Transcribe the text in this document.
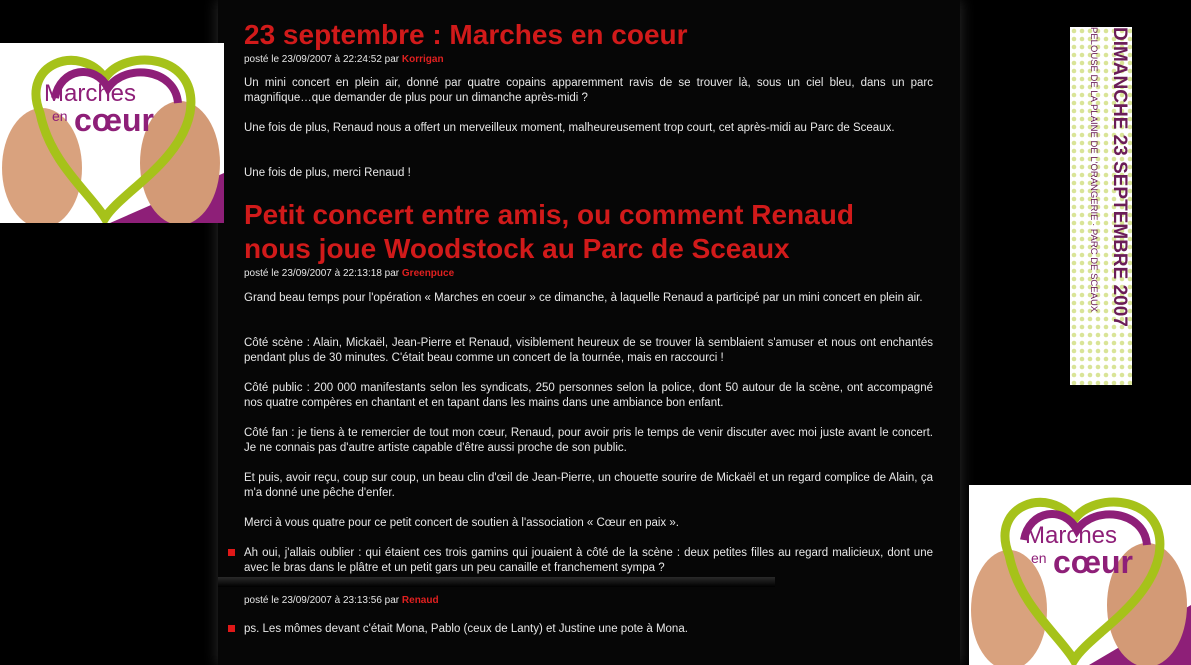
23 septembre : Marches en coeur
posté le 23/09/2007 à 22:24:52 par Korrigan

Un mini concert en plein air, donné par quatre copains apparemment ravis de se trouver là, sous un ciel bleu, dans un parc magnifique…que demander de plus pour un dimanche après-midi ?

Une fois de plus, Renaud nous a offert un merveilleux moment, malheureusement trop court, cet après-midi au Parc de Sceaux.

Une fois de plus, merci Renaud !

Petit concert entre amis, ou comment Renaud
nous joue Woodstock au Parc de Sceaux
posté le 23/09/2007 à 22:13:18 par Greenpuce

Grand beau temps pour l'opération « Marches en coeur » ce dimanche, à laquelle Renaud a participé par un mini concert en plein air.

Côté scène : Alain, Mickaël, Jean-Pierre et Renaud, visiblement heureux de se trouver là semblaient s'amuser et nous ont enchantés pendant plus de 30 minutes. C'était beau comme un concert de la tournée, mais en raccourci !

Côté public : 200 000 manifestants selon les syndicats, 250 personnes selon la police, dont 50 autour de la scène, ont accompagné nos quatre compères en chantant et en tapant dans les mains dans une ambiance bon enfant.

Côté fan : je tiens à te remercier de tout mon cœur, Renaud, pour avoir pris le temps de venir discuter avec moi juste avant le concert. Je ne connais pas d'autre artiste capable d'être aussi proche de son public.

Et puis, avoir reçu, coup sur coup, un beau clin d'œil de Jean-Pierre, un chouette sourire de Mickaël et un regard complice de Alain, ça m'a donné une pêche d'enfer.

Merci à vous quatre pour ce petit concert de soutien à l'association « Cœur en paix ».

Ah oui, j'allais oublier : qui étaient ces trois gamins qui jouaient à côté de la scène : deux petites filles au regard malicieux, dont une avec le bras dans le plâtre et un petit gars un peu canaille et franchement sympa ?

posté le 23/09/2007 à 23:13:56 par Renaud

ps. Les mômes devant c'était Mona, Pablo (ceux de Lanty) et Justine une pote à Mona.

Marches
en cœur
Marches
en cœur
DIMANCHE 23 SEPTEMBRE 2007
PELOUSE DE LA PLAINE DE L'ORANGERIE · PARC DE SCEAUX
